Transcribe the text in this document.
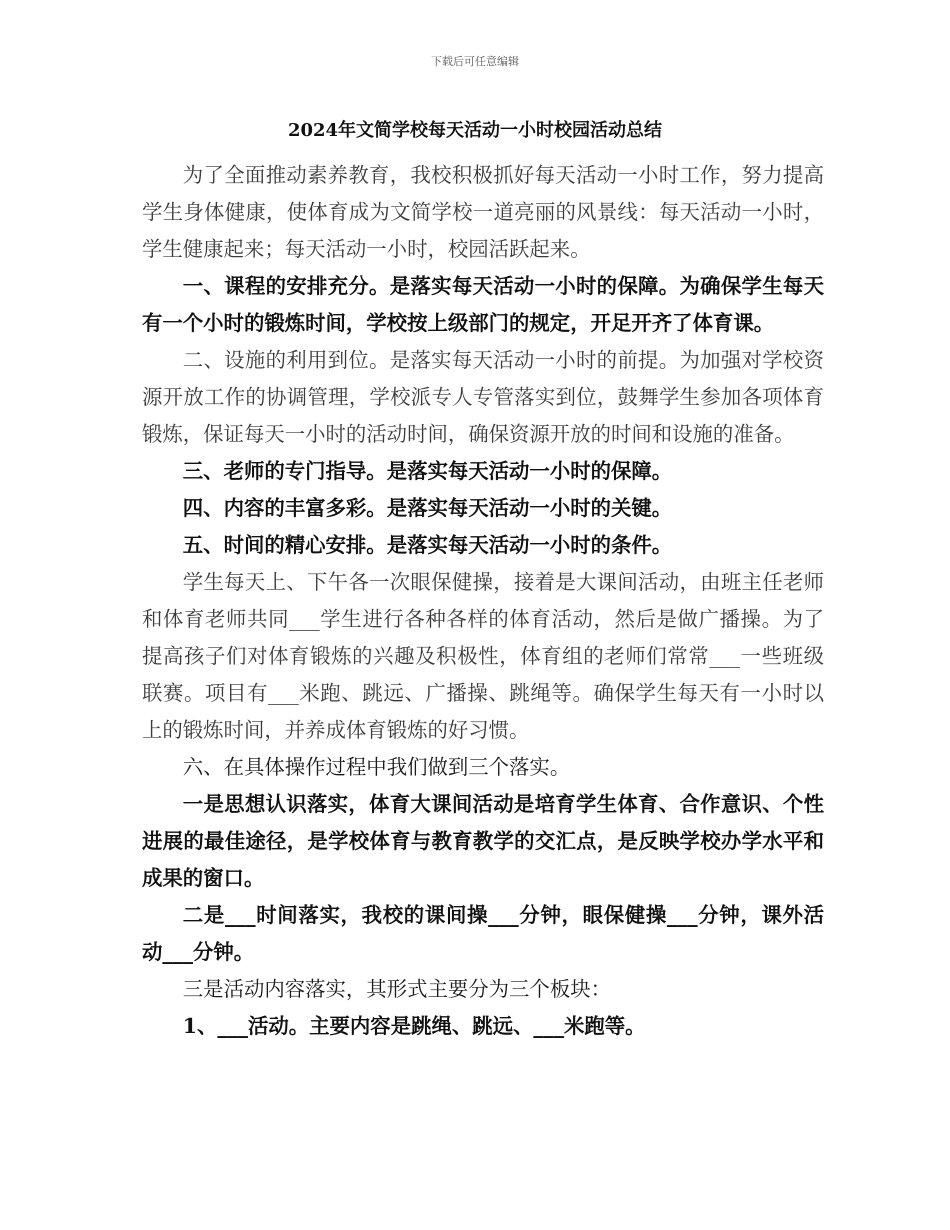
下载后可任意编辑
2024年文简学校每天活动一小时校园活动总结

为了全面推动素养教育，我校积极抓好每天活动一小时工作，努力提高学生身体健康，使体育成为文简学校一道亮丽的风景线：每天活动一小时，学生健康起来；每天活动一小时，校园活跃起来。

一、课程的安排充分。是落实每天活动一小时的保障。为确保学生每天有一个小时的锻炼时间，学校按上级部门的规定，开足开齐了体育课。

二、设施的利用到位。是落实每天活动一小时的前提。为加强对学校资源开放工作的协调管理，学校派专人专管落实到位，鼓舞学生参加各项体育锻炼，保证每天一小时的活动时间，确保资源开放的时间和设施的准备。

三、老师的专门指导。是落实每天活动一小时的保障。

四、内容的丰富多彩。是落实每天活动一小时的关键。

五、时间的精心安排。是落实每天活动一小时的条件。

学生每天上、下午各一次眼保健操，接着是大课间活动，由班主任老师和体育老师共同___学生进行各种各样的体育活动，然后是做广播操。为了提高孩子们对体育锻炼的兴趣及积极性，体育组的老师们常常___一些班级联赛。项目有___米跑、跳远、广播操、跳绳等。确保学生每天有一小时以上的锻炼时间，并养成体育锻炼的好习惯。

六、在具体操作过程中我们做到三个落实。

一是思想认识落实，体育大课间活动是培育学生体育、合作意识、个性进展的最佳途径，是学校体育与教育教学的交汇点，是反映学校办学水平和成果的窗口。

二是___时间落实，我校的课间操___分钟，眼保健操___分钟，课外活动___分钟。

三是活动内容落实，其形式主要分为三个板块：

1、___活动。主要内容是跳绳、跳远、___米跑等。
